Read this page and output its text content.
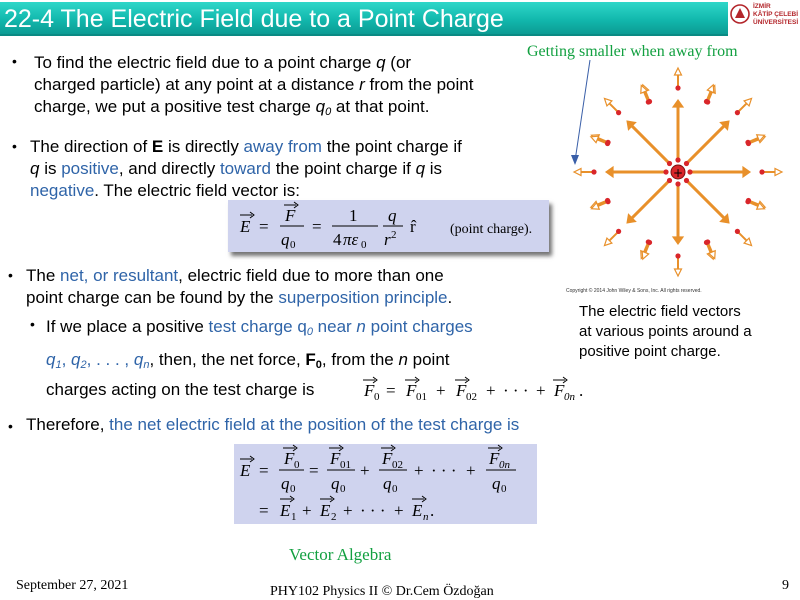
22-4 The Electric Field due to a Point Charge	İZMİR
KÂTİP ÇELEBİ
ÜNİVERSİTESİ
Getting smaller when away from
• To find the electric field due to a point charge q (or
charged particle) at any point at a distance r from the point
charge, we put a positive test charge $q_0$ at that point.
• The direction of E is directly away from the point charge if
q is positive, and directly toward the point charge if q is
negative. The electric field vector is:
E =
F
q 0
=
1
4 πε 0
q
r 2 r̂ (point charge).
• The net, or resultant, electric field due to more than one
point charge can be found by the superposition principle.
• If we place a positive test charge $q_0$ near n point charges
$q_1$, $q_2$, . . . , $q_n$, then, the net force, $F_0$, from the n point
charges acting on the test charge is	F 0 = F 01 + F 02 + · · · + F 0n .
• Therefore, the net electric field at the position of the test charge is
E =
F 0
q 0
=
F 01
q 0
+
F 02
q 0
+ · · · +
F 0n
q 0
= E 1 + E 2 + · · · + E n .
Vector Algebra
+
Copyright © 2014 John Wiley & Sons, Inc. All rights reserved.
The electric field vectors
at various points around a
positive point charge.
September 27, 2021	PHY102 Physics II © Dr.Cem Özdoğan	9
